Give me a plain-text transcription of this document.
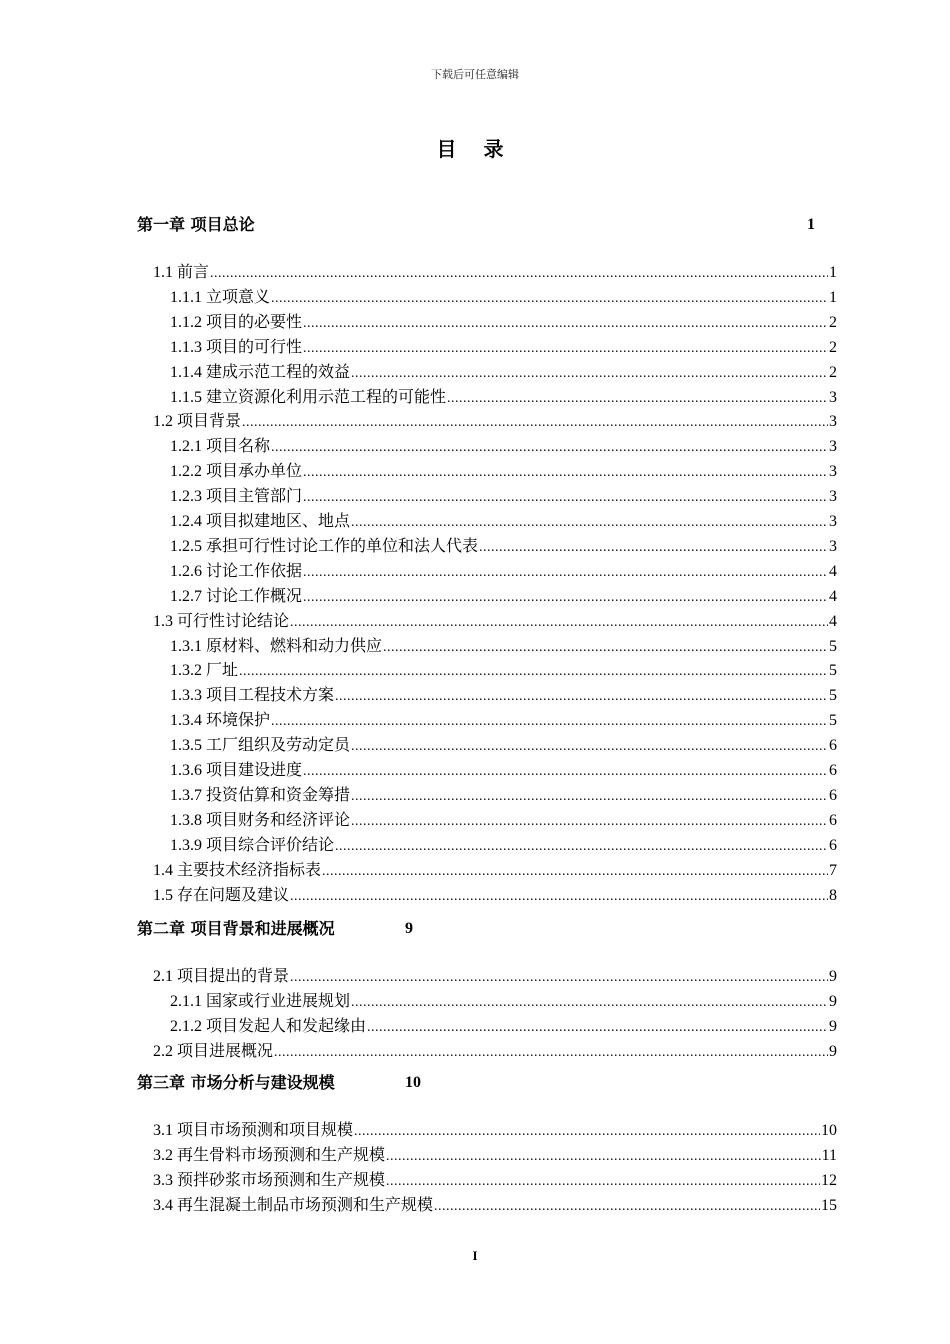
下载后可任意编辑
目 录
第一章 项目总论	1
1.1 前言 .....	1
1.1.1 立项意义 .....	1
1.1.2 项目的必要性 .....	2
1.1.3 项目的可行性 .....	2
1.1.4 建成示范工程的效益 .....	2
1.1.5 建立资源化利用示范工程的可能性 .....	3
1.2 项目背景 .....	3
1.2.1 项目名称 .....	3
1.2.2 项目承办单位 .....	3
1.2.3 项目主管部门 .....	3
1.2.4 项目拟建地区、地点 .....	3
1.2.5 承担可行性讨论工作的单位和法人代表 .....	3
1.2.6 讨论工作依据 .....	4
1.2.7 讨论工作概况 .....	4
1.3 可行性讨论结论 .....	4
1.3.1 原材料、燃料和动力供应 .....	5
1.3.2 厂址 .....	5
1.3.3 项目工程技术方案 .....	5
1.3.4 环境保护 .....	5
1.3.5 工厂组织及劳动定员 .....	6
1.3.6 项目建设进度 .....	6
1.3.7 投资估算和资金筹措 .....	6
1.3.8 项目财务和经济评论 .....	6
1.3.9 项目综合评价结论 .....	6
1.4 主要技术经济指标表 .....	7
1.5 存在问题及建议 .....	8
第二章 项目背景和进展概况	9
2.1 项目提出的背景 .....	9
2.1.1 国家或行业进展规划 .....	9
2.1.2 项目发起人和发起缘由 .....	9
2.2 项目进展概况 .....	9
第三章 市场分析与建设规模	10
3.1 项目市场预测和项目规模 .....	10
3.2 再生骨料市场预测和生产规模 .....	11
3.3 预拌砂浆市场预测和生产规模 .....	12
3.4 再生混凝土制品市场预测和生产规模 .....	15
I
